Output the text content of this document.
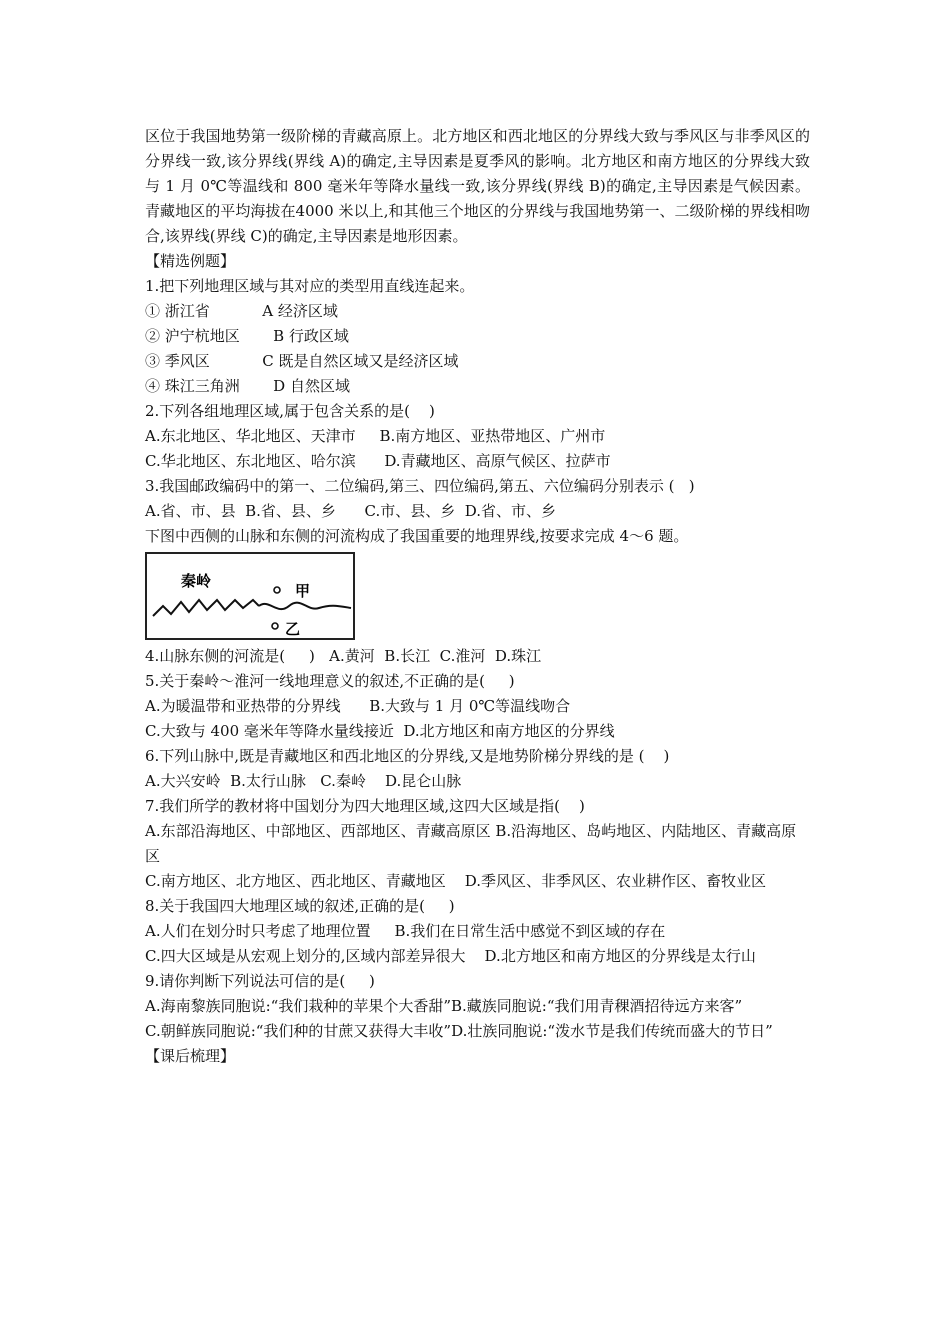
区位于我国地势第一级阶梯的青藏高原上。北方地区和西北地区的分界线大致与季风区与非季风区的分界线一致,该分界线(界线 A)的确定,主导因素是夏季风的影响。北方地区和南方地区的分界线大致与 1 月 0℃等温线和 800 毫米年等降水量线一致,该分界线(界线 B)的确定,主导因素是气候因素。青藏地区的平均海拔在4000 米以上,和其他三个地区的分界线与我国地势第一、二级阶梯的界线相吻合,该界线(界线 C)的确定,主导因素是地形因素。

【精选例题】

1.把下列地理区域与其对应的类型用直线连起来。

① 浙江省           A 经济区域

② 沪宁杭地区       B 行政区域

③ 季风区           C 既是自然区域又是经济区域

④ 珠江三角洲       D 自然区域

2.下列各组地理区域,属于包含关系的是(    )

A.东北地区、华北地区、天津市     B.南方地区、亚热带地区、广州市

C.华北地区、东北地区、哈尔滨      D.青藏地区、高原气候区、拉萨市

3.我国邮政编码中的第一、二位编码,第三、四位编码,第五、六位编码分别表示 (   )

A.省、市、县  B.省、县、乡      C.市、县、乡  D.省、市、乡

下图中西侧的山脉和东侧的河流构成了我国重要的地理界线,按要求完成 4～6 题。

秦岭
甲
乙

4.山脉东侧的河流是(     )   A.黄河  B.长江  C.淮河  D.珠江

5.关于秦岭～淮河一线地理意义的叙述,不正确的是(     )

A.为暖温带和亚热带的分界线      B.大致与 1 月 0℃等温线吻合

C.大致与 400 毫米年等降水量线接近  D.北方地区和南方地区的分界线

6.下列山脉中,既是青藏地区和西北地区的分界线,又是地势阶梯分界线的是 (    )

A.大兴安岭  B.太行山脉   C.秦岭    D.昆仑山脉

7.我们所学的教材将中国划分为四大地理区域,这四大区域是指(    )

A.东部沿海地区、中部地区、西部地区、青藏高原区 B.沿海地区、岛屿地区、内陆地区、青藏高原区

C.南方地区、北方地区、西北地区、青藏地区    D.季风区、非季风区、农业耕作区、畜牧业区

8.关于我国四大地理区域的叙述,正确的是(     )

A.人们在划分时只考虑了地理位置     B.我们在日常生活中感觉不到区域的存在

C.四大区域是从宏观上划分的,区域内部差异很大    D.北方地区和南方地区的分界线是太行山

9.请你判断下列说法可信的是(     )

A.海南黎族同胞说:“我们栽种的苹果个大香甜”B.藏族同胞说:“我们用青稞酒招待远方来客”

C.朝鲜族同胞说:“我们种的甘蔗又获得大丰收”D.壮族同胞说:“泼水节是我们传统而盛大的节日”

【课后梳理】
